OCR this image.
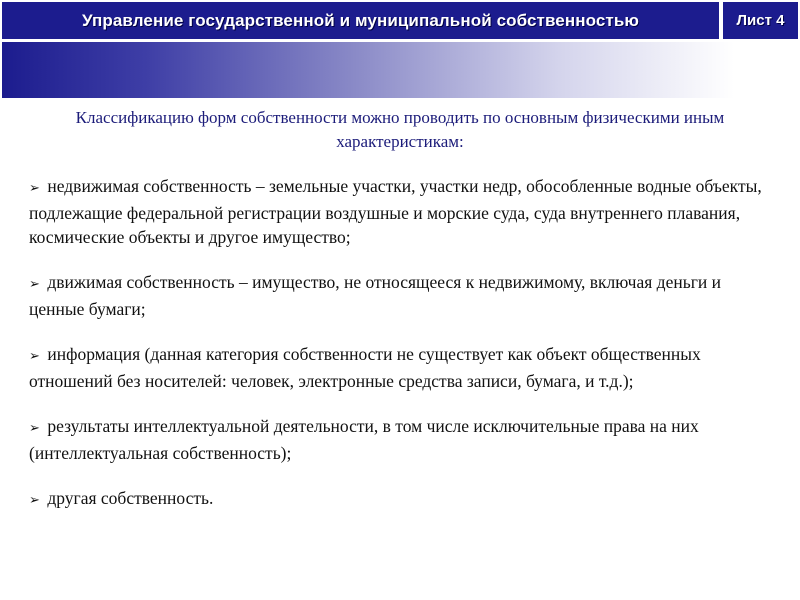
Управление государственной и муниципальной собственностью	Лист 4

Классификацию форм собственности можно проводить по основным физическими иным характеристикам:

➢ недвижимая собственность – земельные участки, участки недр, обособленные водные объекты, подлежащие федеральной регистрации воздушные и морские суда, суда внутреннего плавания, космические объекты и другое имущество;

➢ движимая собственность – имущество, не относящееся к недвижимому, включая деньги и ценные бумаги;

➢ информация (данная категория собственности не существует как объект общественных отношений без носителей: человек, электронные средства записи, бумага, и т.д.);

➢ результаты интеллектуальной деятельности, в том числе исключительные права на них (интеллектуальная собственность);

➢ другая собственность.
